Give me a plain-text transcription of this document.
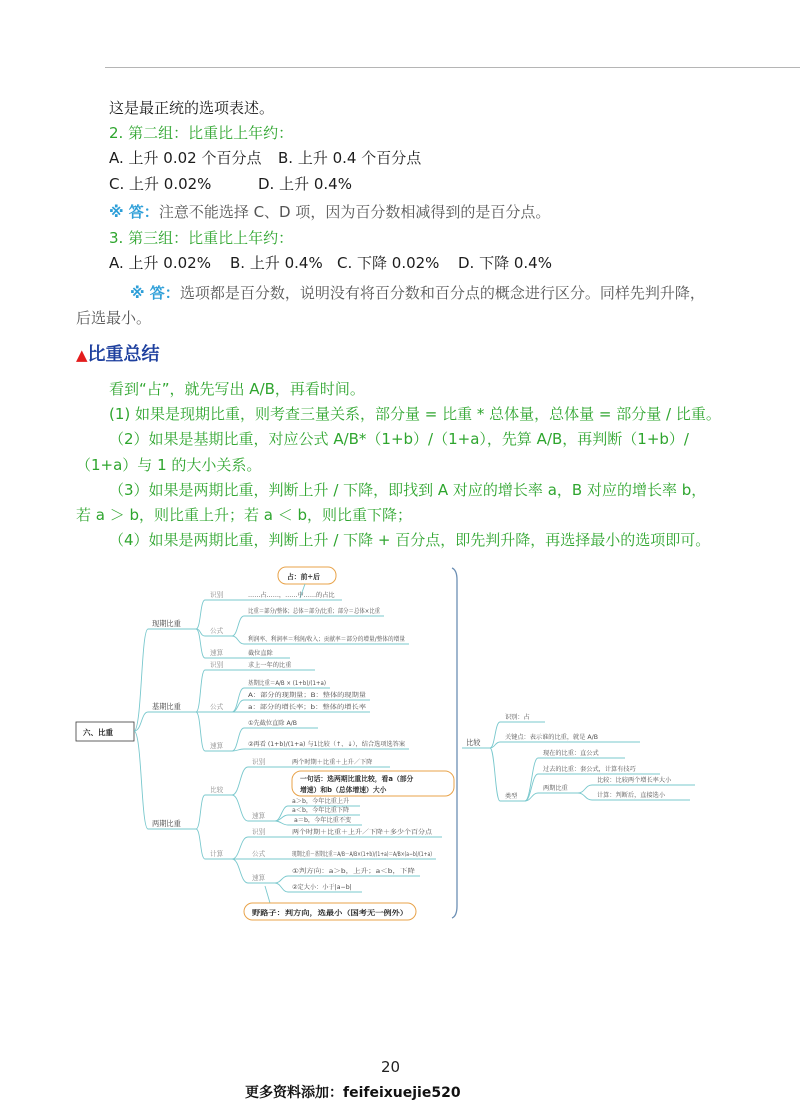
这是最正统的选项表述。
2. 第二组：比重比上年约：
A. 上升 0.02 个百分点 B. 上升 0.4 个百分点
C. 上升 0.02%	D. 上升 0.4%
※ 答：注意不能选择 C、D 项，因为百分数相减得到的是百分点。
3. 第三组：比重比上年约：
A. 上升 0.02% B. 上升 0.4% C. 下降 0.02% D. 下降 0.4%
※ 答：选项都是百分数，说明没有将百分数和百分点的概念进行区分。同样先判升降，
后选最小。
▲比重总结
看到“占”，就先写出 A/B，再看时间。
(1) 如果是现期比重，则考查三量关系，部分量 = 比重 * 总体量，总体量 = 部分量 / 比重。
（2）如果是基期比重，对应公式 A/B*（1+b）/（1+a），先算 A/B，再判断（1+b）/
（1+a）与 1 的大小关系。
（3）如果是两期比重，判断上升 / 下降，即找到 A 对应的增长率 a，B 对应的增长率 b，
若 a ＞ b，则比重上升；若 a ＜ b，则比重下降；
（4）如果是两期比重，判断上升 / 下降 + 百分点，即先判升降，再选择最小的选项即可。
六、比重
占：前÷后
现期比重
识别	……占……，……中……的占比
公式
比重＝部分/整体；总体＝部分/比重；部分＝总体×比重
利润率、利润率＝利润/收入；贡献率＝部分的增量/整体的增量
速算	截位直除
基期比重
识别	求上一年的比重
公式
基期比重＝A/B × (1+b)/(1+a)
A：部分的现期量；B：整体的现期量
a：部分的增长率；b：整体的增长率
速算
①先截位直除 A/B
②再看 (1+b)/(1+a) 与1比较（↑、↓），结合选项选答案
两期比重
比较
识别	两个时期＋比重＋上升／下降
一句话：选两期比重比较，看a（部分
增速）和b（总体增速）大小
速算
a＞b，今年比重上升
a＜b，今年比重下降
a＝b，今年比重不变
计算
识别	两个时期＋比重＋上升／下降＋多少个百分点
公式	现期比重－基期比重＝A/B－A/B×(1+b)/(1+a)＝A/B×(a−b)/(1+a)
速算
①判方向：a＞b，上升；a＜b，下降
②定大小：小于|a−b|
野路子：判方向，选最小（国考无一例外）
比较
识别：占
关键点：表示谁的比重，就是 A/B
类型
现在的比重：直公式
过去的比重：套公式，计算有技巧
两期比重
比较：比较两个增长率大小
计算：判断后，直接选小
20
更多资料添加：feifeixuejie520
